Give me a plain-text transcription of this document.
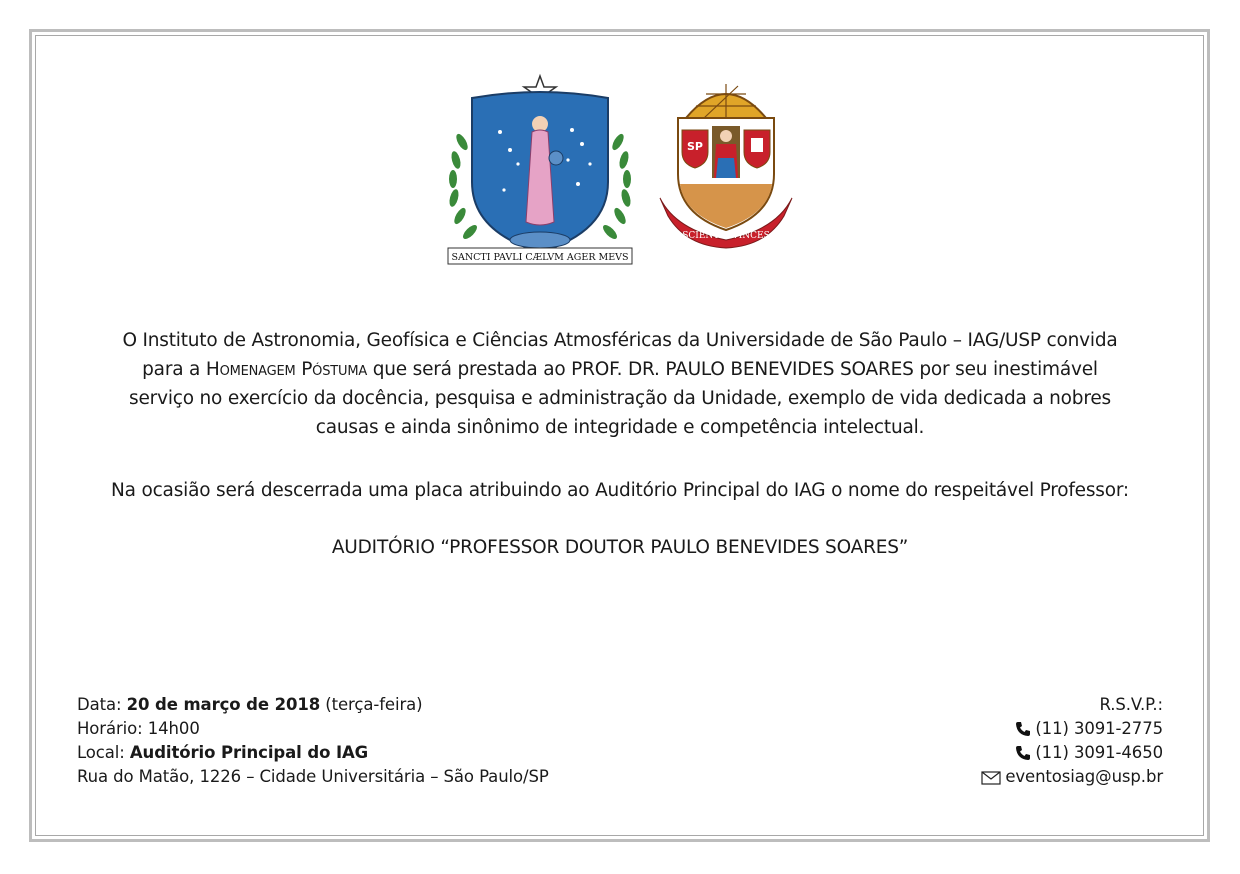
SANCTI PAVLI CÆLVM AGER MEVS
SP
SCIENTIA VINCES
O Instituto de Astronomia, Geofísica e Ciências Atmosféricas da Universidade de São Paulo – IAG/USP convida
para a Homenagem Póstuma que será prestada ao PROF. DR. PAULO BENEVIDES SOARES por seu inestimável
serviço no exercício da docência, pesquisa e administração da Unidade, exemplo de vida dedicada a nobres
causas e ainda sinônimo de integridade e competência intelectual.
Na ocasião será descerrada uma placa atribuindo ao Auditório Principal do IAG o nome do respeitável Professor:
AUDITÓRIO “PROFESSOR DOUTOR PAULO BENEVIDES SOARES”
Data: 20 de março de 2018 (terça-feira)
Horário: 14h00
Local: Auditório Principal do IAG
Rua do Matão, 1226 – Cidade Universitária – São Paulo/SP
R.S.V.P.:
(11) 3091-2775
(11) 3091-4650
eventosiag@usp.br
